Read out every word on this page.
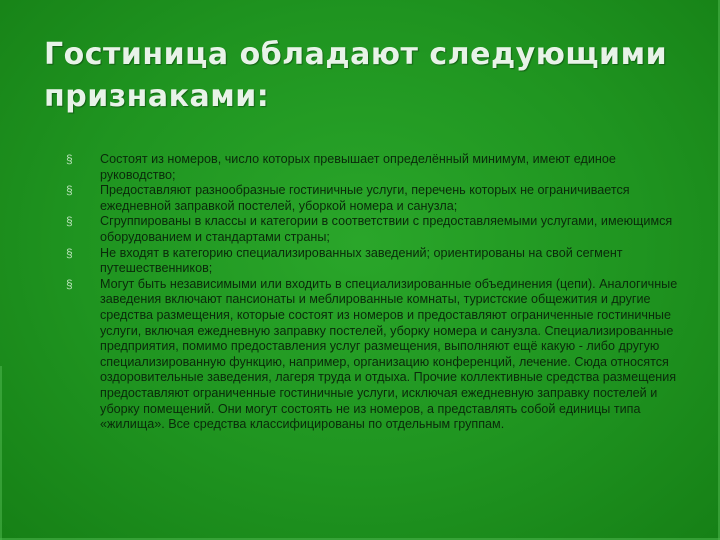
Гостиница обладают следующими признаками:
§ Состоят из номеров, число которых превышает определённый минимум, имеют единое руководство;
§ Предоставляют разнообразные гостиничные услуги, перечень которых не ограничивается ежедневной заправкой постелей, уборкой номера и санузла;
§ Сгруппированы в классы и категории в соответствии с предоставляемыми услугами, имеющимся оборудованием и стандартами страны;
§ Не входят в категорию специализированных заведений; ориентированы на свой сегмент путешественников;
§ Могут быть независимыми или входить в специализированные объединения (цепи). Аналогичные заведения включают пансионаты и меблированные комнаты, туристские общежития и другие средства размещения, которые состоят из номеров и предоставляют ограниченные гостиничные услуги, включая ежедневную заправку постелей, уборку номера и санузла. Специализированные предприятия, помимо предоставления услуг размещения, выполняют ещё какую - либо другую специализированную функцию, например, организацию конференций, лечение. Сюда относятся оздоровительные заведения, лагеря труда и отдыха. Прочие коллективные средства размещения предоставляют ограниченные гостиничные услуги, исключая ежедневную заправку постелей и уборку помещений. Они могут состоять не из номеров, а представлять собой единицы типа «жилища». Все средства классифицированы по отдельным группам.
